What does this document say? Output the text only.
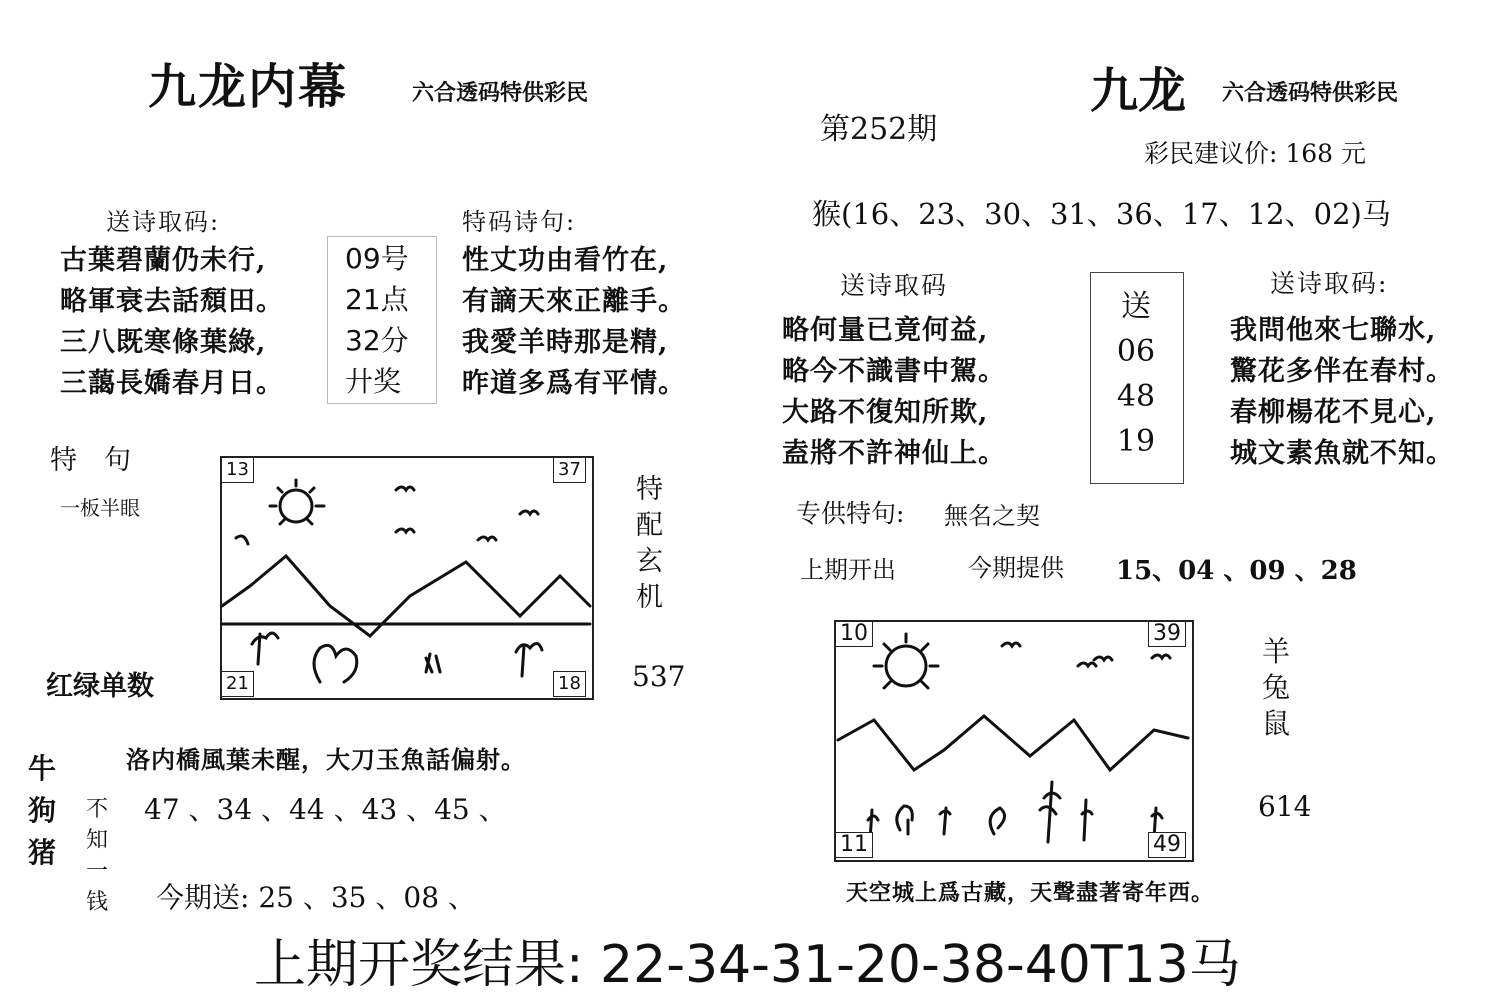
九龙内幕	六合透码特供彩民
送诗取码:
古葉碧蘭仍未行,
略軍衰去話頹田。
三八既寒條葉綠,
三藹長嬌春月日。
09号
21点
32分
廾奖
特码诗句:
性丈功由看竹在,
有謫天來正離手。
我愛羊時那是精,
昨道多爲有平情。
特　句
一板半眼
红绿单数
13	37
21	18
特
配
玄
机
537
牛
狗
猪
不
知
一
钱
洛内橋風葉未醒，大刀玉魚話偏射。
47 、34 、44 、43 、45 、
今期送: 25 、35 、08 、
第252期
九龙 六合透码特供彩民
彩民建议价: 168 元
猴(16、23、30、31、36、17、12、02)马
送诗取码	送诗取码:
略何量已竟何益,
略今不識書中駕。
大路不復知所欺,
盍將不許神仙上。
送
06
48
19
我問他來七聯水,
驚花多伴在春村。
春柳楊花不見心,
城文素魚就不知。
专供特句: 無名之契
上期开出	今期提供 15、04 、09 、28
10	39
11	49
羊
兔
鼠
614
天空城上爲古藏，天聲盡著寄年西。
上期开奖结果: 22-34-31-20-38-40T13马
